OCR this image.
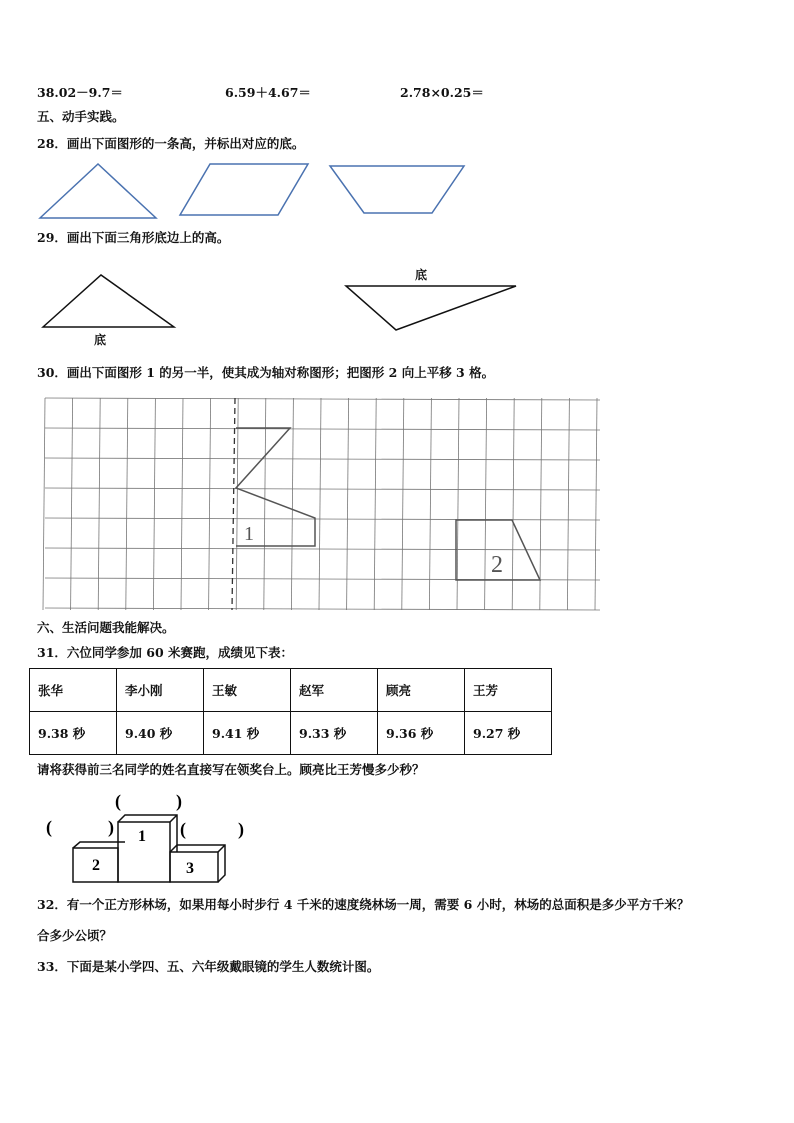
38.02－9.7＝	6.59＋4.67＝	2.78×0.25＝
五、动手实践。
28．画出下面图形的一条高，并标出对应的底。
29．画出下面三角形底边上的高。
底
底
30．画出下面图形 1 的另一半，使其成为轴对称图形；把图形 2 向上平移 3 格。
1
2
六、生活问题我能解决。
31．六位同学参加 60 米赛跑，成绩见下表：
张华	李小刚	王敏	赵军	顾亮	王芳
9.38 秒	9.40 秒	9.41 秒	9.33 秒	9.36 秒	9.27 秒
请将获得前三名同学的姓名直接写在领奖台上。顾亮比王芳慢多少秒？
1
2	3
(	)
(	)	(	)
32．有一个正方形林场，如果用每小时步行 4 千米的速度绕林场一周，需要 6 小时，林场的总面积是多少平方千米？
合多少公顷？
33．下面是某小学四、五、六年级戴眼镜的学生人数统计图。
